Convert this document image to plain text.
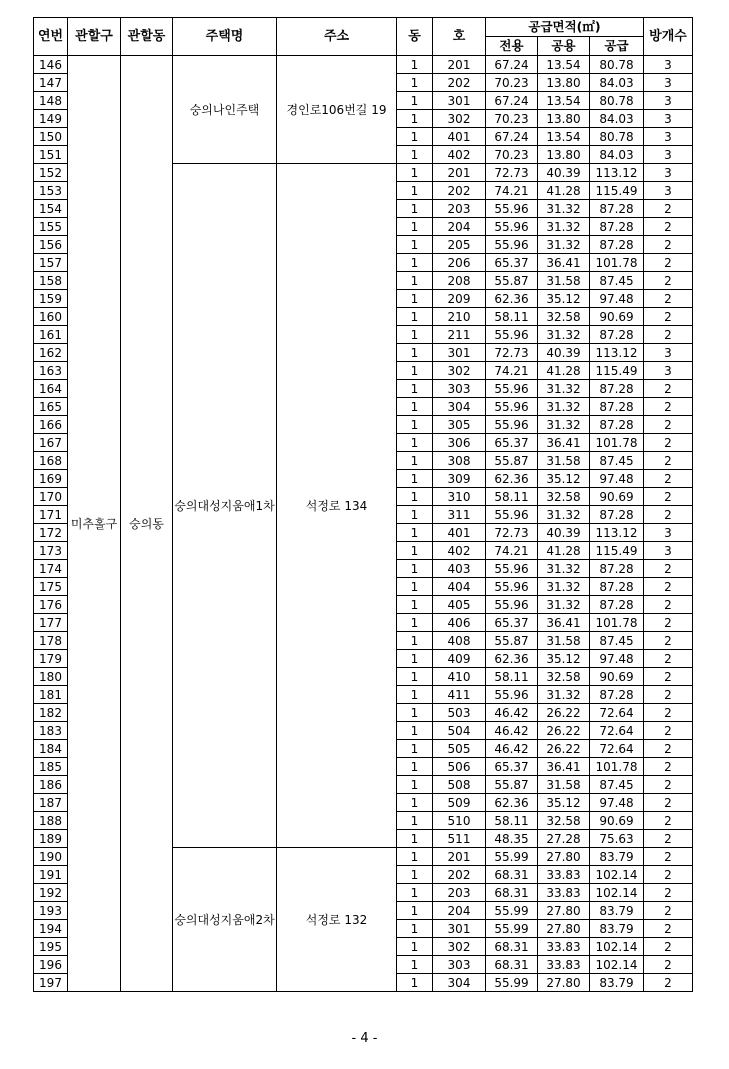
연번	관할구	관할동	주택명	주소	동	호	공급면적(㎡)			방개수
							전용	공용	공급	
146	미추홀구	숭의동	숭의나인주택	경인로106번길 19	1	201	67.24	13.54	80.78	3
147					1	202	70.23	13.80	84.03	3
148					1	301	67.24	13.54	80.78	3
149					1	302	70.23	13.80	84.03	3
150					1	401	67.24	13.54	80.78	3
151					1	402	70.23	13.80	84.03	3
152			숭의대성지움애1차	석정로 134	1	201	72.73	40.39	113.12	3
153					1	202	74.21	41.28	115.49	3
154					1	203	55.96	31.32	87.28	2
155					1	204	55.96	31.32	87.28	2
156					1	205	55.96	31.32	87.28	2
157					1	206	65.37	36.41	101.78	2
158					1	208	55.87	31.58	87.45	2
159					1	209	62.36	35.12	97.48	2
160					1	210	58.11	32.58	90.69	2
161					1	211	55.96	31.32	87.28	2
162					1	301	72.73	40.39	113.12	3
163					1	302	74.21	41.28	115.49	3
164					1	303	55.96	31.32	87.28	2
165					1	304	55.96	31.32	87.28	2
166					1	305	55.96	31.32	87.28	2
167					1	306	65.37	36.41	101.78	2
168					1	308	55.87	31.58	87.45	2
169					1	309	62.36	35.12	97.48	2
170					1	310	58.11	32.58	90.69	2
171					1	311	55.96	31.32	87.28	2
172					1	401	72.73	40.39	113.12	3
173					1	402	74.21	41.28	115.49	3
174					1	403	55.96	31.32	87.28	2
175					1	404	55.96	31.32	87.28	2
176					1	405	55.96	31.32	87.28	2
177					1	406	65.37	36.41	101.78	2
178					1	408	55.87	31.58	87.45	2
179					1	409	62.36	35.12	97.48	2
180					1	410	58.11	32.58	90.69	2
181					1	411	55.96	31.32	87.28	2
182					1	503	46.42	26.22	72.64	2
183					1	504	46.42	26.22	72.64	2
184					1	505	46.42	26.22	72.64	2
185					1	506	65.37	36.41	101.78	2
186					1	508	55.87	31.58	87.45	2
187					1	509	62.36	35.12	97.48	2
188					1	510	58.11	32.58	90.69	2
189					1	511	48.35	27.28	75.63	2
190			숭의대성지움애2차	석정로 132	1	201	55.99	27.80	83.79	2
191					1	202	68.31	33.83	102.14	2
192					1	203	68.31	33.83	102.14	2
193					1	204	55.99	27.80	83.79	2
194					1	301	55.99	27.80	83.79	2
195					1	302	68.31	33.83	102.14	2
196					1	303	68.31	33.83	102.14	2
197					1	304	55.99	27.80	83.79	2
- 4 -
